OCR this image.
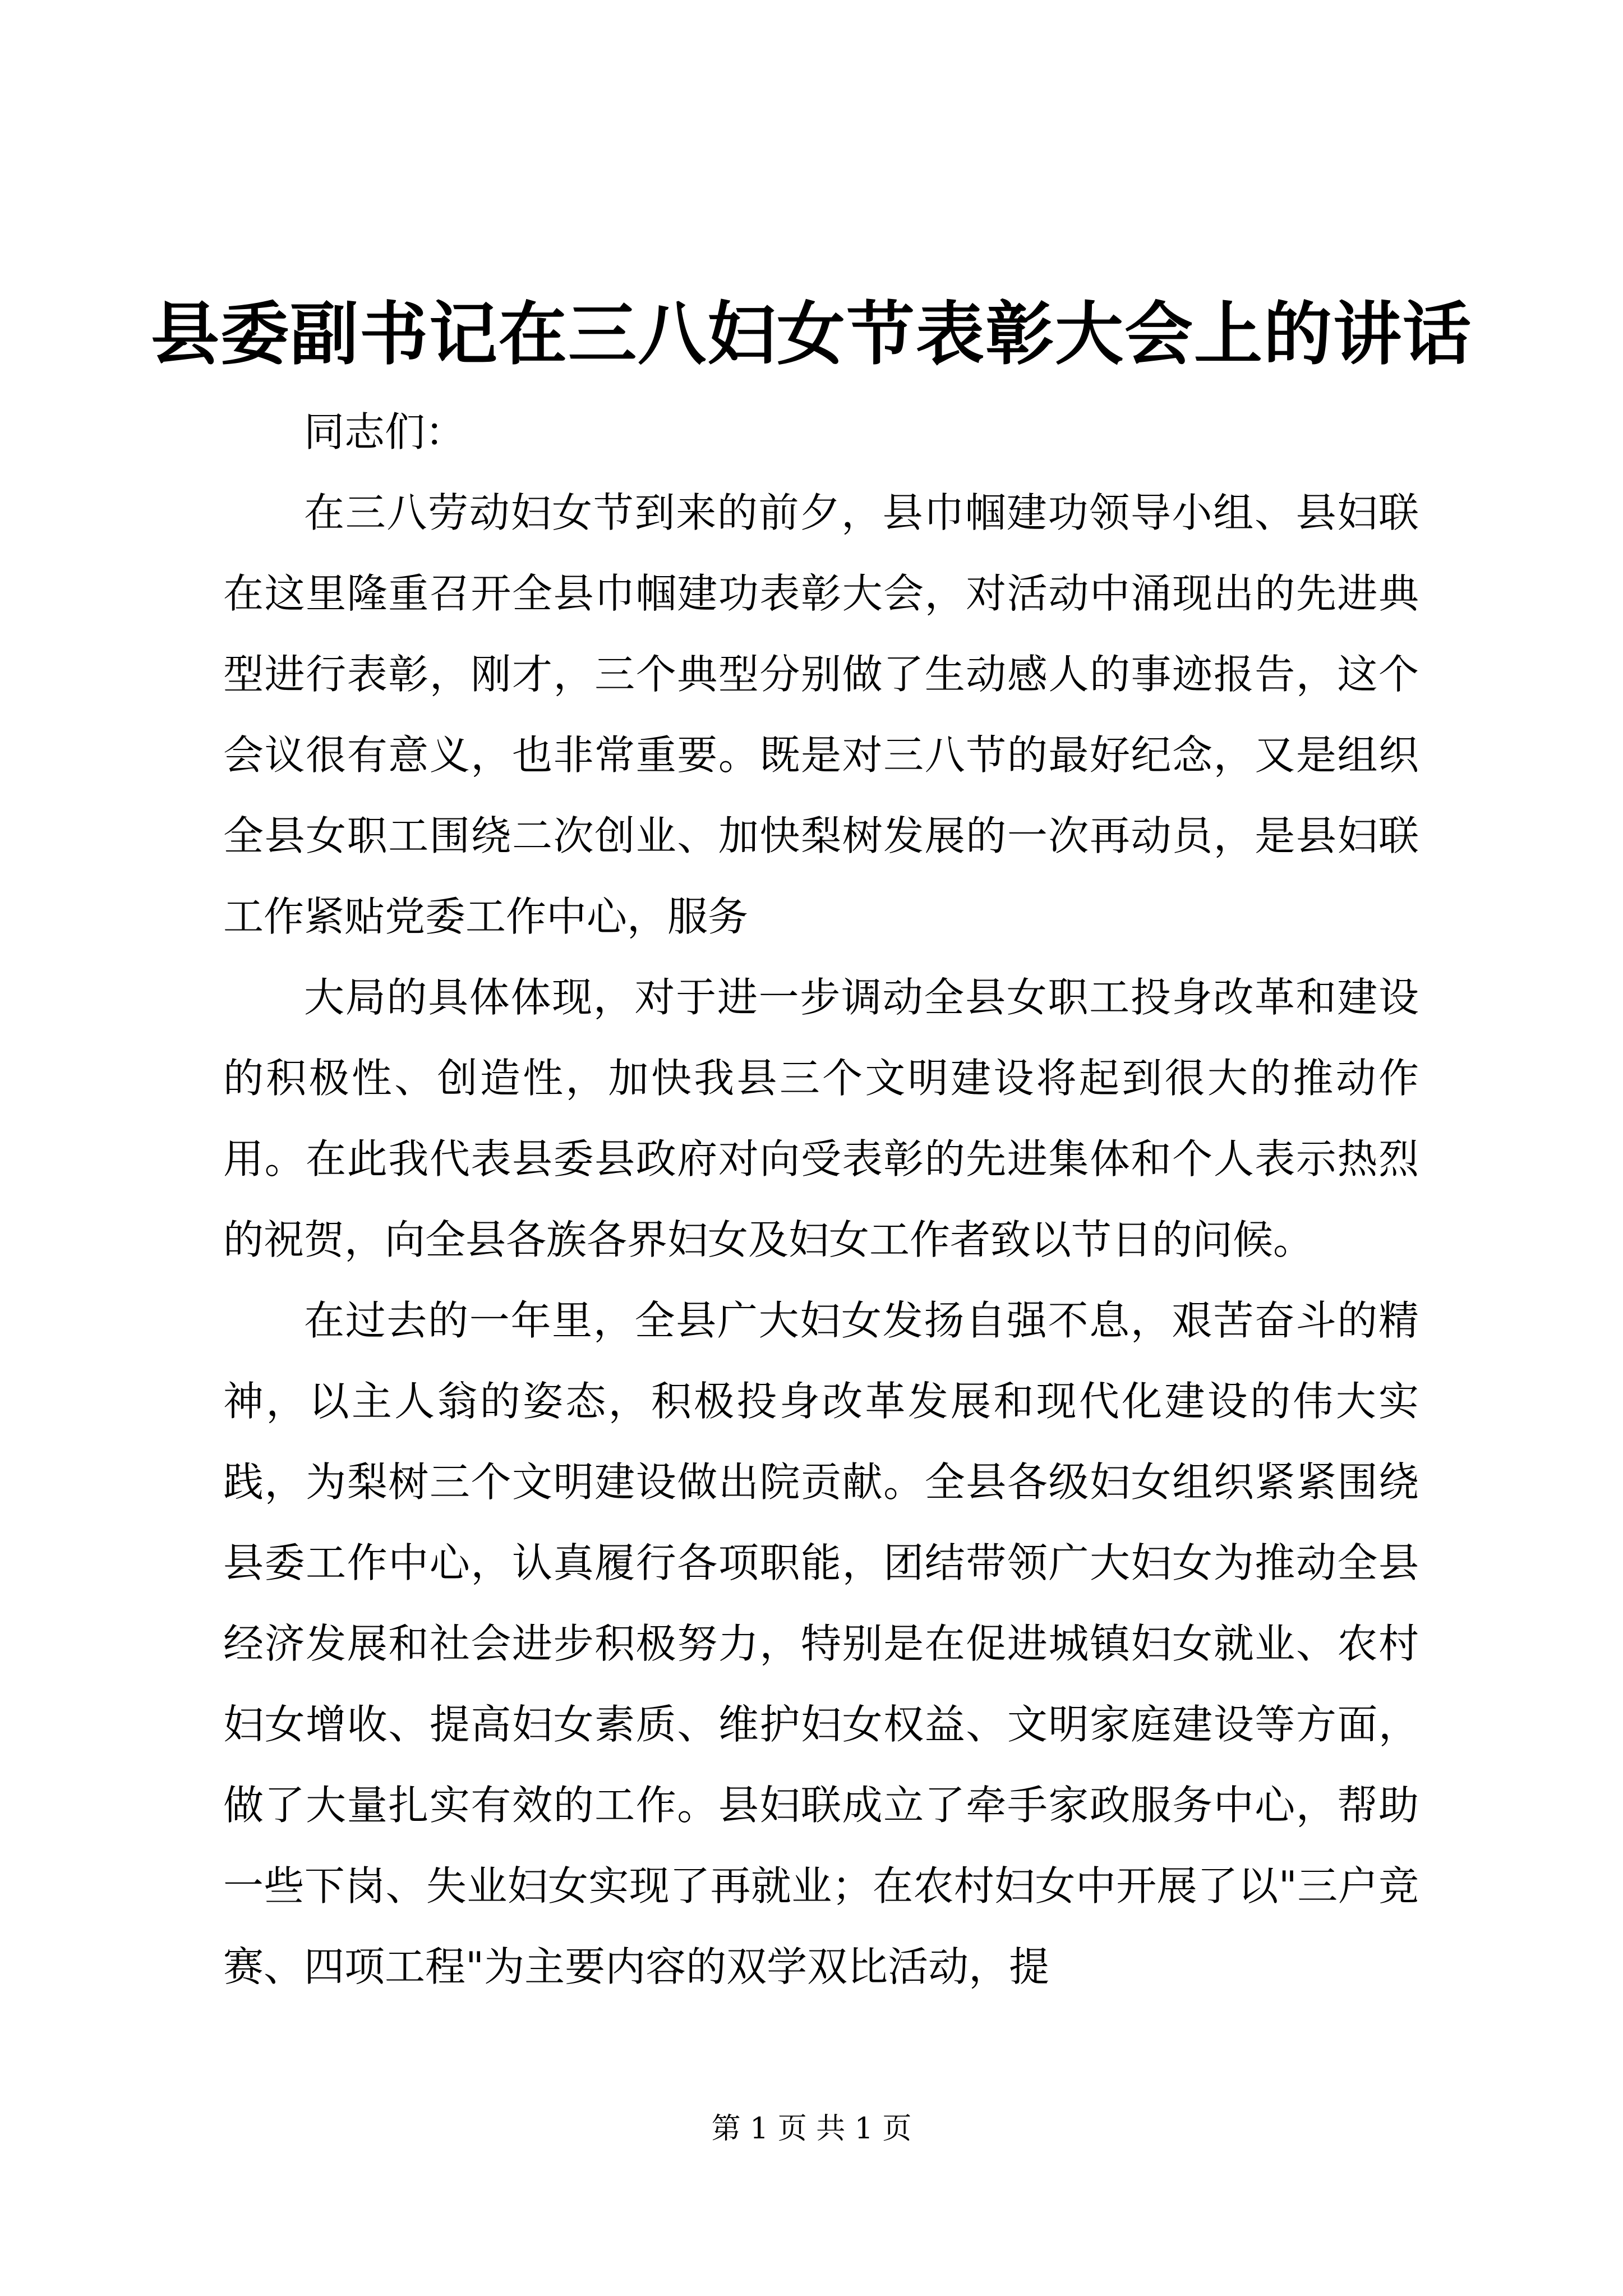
县委副书记在三八妇女节表彰大会上的讲话

同志们：

在三八劳动妇女节到来的前夕，县巾帼建功领导小组、县妇联在这里隆重召开全县巾帼建功表彰大会，对活动中涌现出的先进典型进行表彰，刚才，三个典型分别做了生动感人的事迹报告，这个会议很有意义，也非常重要。既是对三八节的最好纪念，又是组织全县女职工围绕二次创业、加快梨树发展的一次再动员，是县妇联工作紧贴党委工作中心，服务

大局的具体体现，对于进一步调动全县女职工投身改革和建设的积极性、创造性，加快我县三个文明建设将起到很大的推动作用。在此我代表县委县政府对向受表彰的先进集体和个人表示热烈的祝贺，向全县各族各界妇女及妇女工作者致以节日的问候。

在过去的一年里，全县广大妇女发扬自强不息，艰苦奋斗的精神，以主人翁的姿态，积极投身改革发展和现代化建设的伟大实践，为梨树三个文明建设做出院贡献。全县各级妇女组织紧紧围绕县委工作中心，认真履行各项职能，团结带领广大妇女为推动全县经济发展和社会进步积极努力，特别是在促进城镇妇女就业、农村妇女增收、提高妇女素质、维护妇女权益、文明家庭建设等方面，做了大量扎实有效的工作。县妇联成立了牵手家政服务中心，帮助一些下岗、失业妇女实现了再就业；在农村妇女中开展了以"三户竞赛、四项工程"为主要内容的双学双比活动，提

第 1 页 共 1 页
